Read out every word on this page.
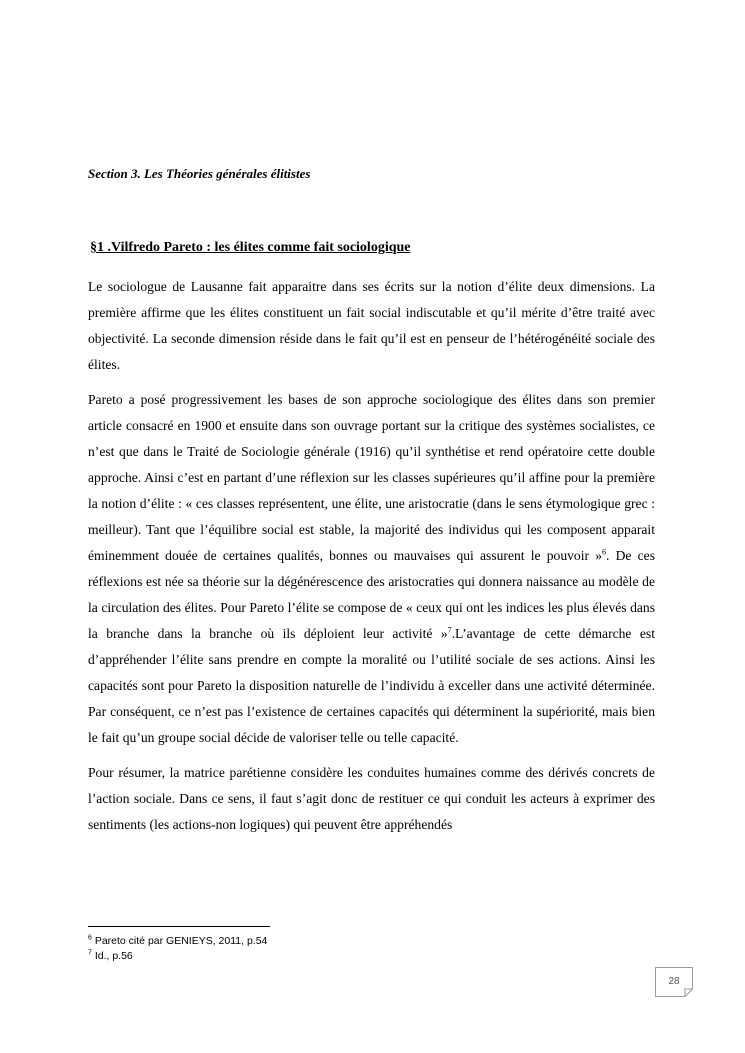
Section 3. Les Théories générales élitistes
§1 .Vilfredo Pareto : les élites comme fait sociologique

Le sociologue de Lausanne fait apparaitre dans ses écrits sur la notion d’élite deux dimensions. La première affirme que les élites constituent un fait social indiscutable et qu’il mérite d’être traité avec objectivité. La seconde dimension réside dans le fait qu’il est en penseur de l’hétérogénéité sociale des élites.

Pareto a posé progressivement les bases de son approche sociologique des élites dans son premier article consacré en 1900 et ensuite dans son ouvrage portant sur la critique des systèmes socialistes, ce n’est que dans le Traité de Sociologie générale (1916) qu’il synthétise et rend opératoire cette double approche. Ainsi c’est en partant d’une réflexion sur les classes supérieures qu’il affine pour la première la notion d’élite : « ces classes représentent, une élite, une aristocratie (dans le sens étymologique grec : meilleur). Tant que l’équilibre social est stable, la majorité des individus qui les composent apparait éminemment douée de certaines qualités, bonnes ou mauvaises qui assurent le pouvoir »$^6$. De ces réflexions est née sa théorie sur la dégénérescence des aristocraties qui donnera naissance au modèle de la circulation des élites. Pour Pareto l’élite se compose de « ceux qui ont les indices les plus élevés dans la branche dans la branche où ils déploient leur activité »$^7$.L’avantage de cette démarche est d’appréhender l’élite sans prendre en compte la moralité ou l’utilité sociale de ses actions. Ainsi les capacités sont pour Pareto la disposition naturelle de l’individu à exceller dans une activité déterminée. Par conséquent, ce n’est pas l’existence de certaines capacités qui déterminent la supériorité, mais bien le fait qu’un groupe social décide de valoriser telle ou telle capacité.

Pour résumer, la matrice parétienne considère les conduites humaines comme des dérivés concrets de l’action sociale. Dans ce sens, il faut s’agit donc de restituer ce qui conduit les acteurs à exprimer des sentiments (les actions-non logiques) qui peuvent être appréhendés

$^6$ Pareto cité par GENIEYS, 2011, p.54
$^7$ Id., p.56
28
